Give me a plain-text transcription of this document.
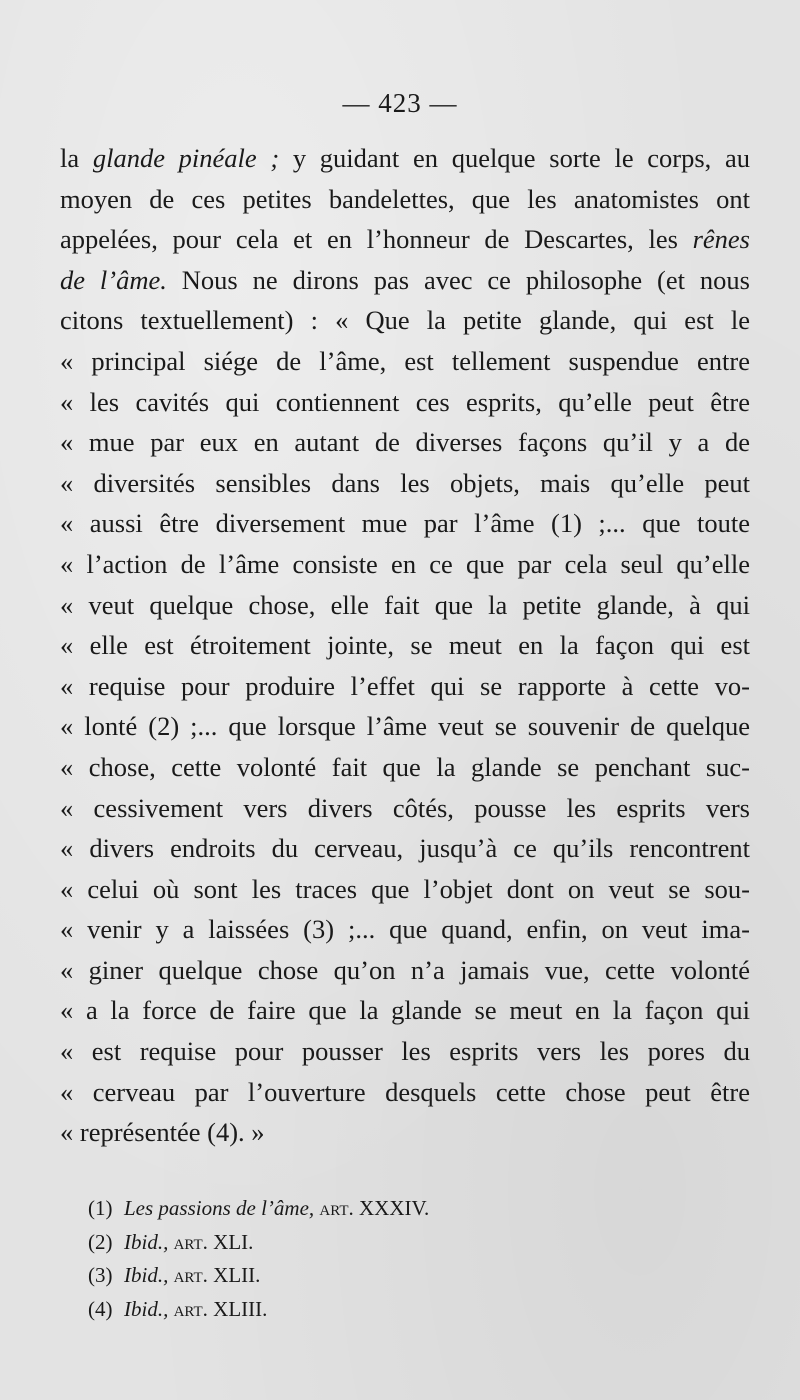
— 423 —
la glande pinéale ; y guidant en quelque sorte le corps, au
moyen de ces petites bandelettes, que les anatomistes ont
appelées, pour cela et en l’honneur de Descartes, les rênes
de l’âme. Nous ne dirons pas avec ce philosophe (et nous
citons textuellement) : « Que la petite glande, qui est le
« principal siége de l’âme, est tellement suspendue entre
« les cavités qui contiennent ces esprits, qu’elle peut être
« mue par eux en autant de diverses façons qu’il y a de
« diversités sensibles dans les objets, mais qu’elle peut
« aussi être diversement mue par l’âme (1) ;... que toute
« l’action de l’âme consiste en ce que par cela seul qu’elle
« veut quelque chose, elle fait que la petite glande, à qui
« elle est étroitement jointe, se meut en la façon qui est
« requise pour produire l’effet qui se rapporte à cette vo-
« lonté (2) ;... que lorsque l’âme veut se souvenir de quelque
« chose, cette volonté fait que la glande se penchant suc-
« cessivement vers divers côtés, pousse les esprits vers
« divers endroits du cerveau, jusqu’à ce qu’ils rencontrent
« celui où sont les traces que l’objet dont on veut se sou-
« venir y a laissées (3) ;... que quand, enfin, on veut ima-
« giner quelque chose qu’on n’a jamais vue, cette volonté
« a la force de faire que la glande se meut en la façon qui
« est requise pour pousser les esprits vers les pores du
« cerveau par l’ouverture desquels cette chose peut être
« représentée (4). »
(1) Les passions de l’âme, art. XXXIV.
(2) Ibid., art. XLI.
(3) Ibid., art. XLII.
(4) Ibid., art. XLIII.
